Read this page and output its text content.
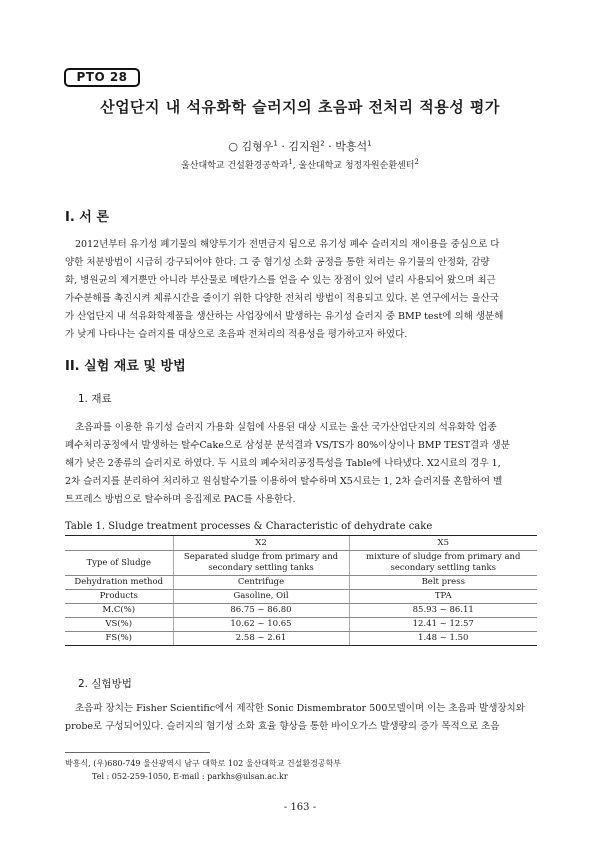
PTO 28
산업단지 내 석유화학 슬러지의 초음파 전처리 적용성 평가
○ 김형우$^1$ · 김지원$^2$ · 박흥석$^1$
울산대학교 건설환경공학과$^1$, 울산대학교 청정자원순환센터$^2$
I. 서 론
2012년부터 유기성 폐기물의 해양투기가 전면금지 됨으로 유기성 폐수 슬러지의 재이용을 중심으로 다
양한 처분방법이 시급히 강구되어야 한다. 그 중 혐기성 소화 공정을 통한 처리는 유기물의 안정화, 감량
화, 병원균의 제거뿐만 아니라 부산물로 메탄가스를 얻을 수 있는 장점이 있어 널리 사용되어 왔으며 최근
가수분해를 촉진시켜 체류시간을 줄이기 위한 다양한 전처리 방법이 적용되고 있다. 본 연구에서는 울산국
가 산업단지 내 석유화학제품을 생산하는 사업장에서 발생하는 유기성 슬러지 중 BMP test에 의해 생분해
가 낮게 나타나는 슬러지를 대상으로 초음파 전처리의 적용성을 평가하고자 하였다.
II. 실험 재료 및 방법
1. 재료
초음파를 이용한 유기성 슬러지 가용화 실험에 사용된 대상 시료는 울산 국가산업단지의 석유화학 업종
폐수처리공정에서 발생하는 탈수Cake으로 삼성분 분석결과 VS/TS가 80%이상이나 BMP TEST결과 생분
해가 낮은 2종류의 슬러지로 하였다. 두 시료의 폐수처리공정특성을 Table에 나타냈다. X2시료의 경우 1,
2차 슬러지를 분리하여 처리하고 원심탈수기를 이용하여 탈수하며 X5시료는 1, 2차 슬러지를 혼합하여 벨
트프레스 방법으로 탈수하며 응집제로 PAC를 사용한다.
Table 1. Sludge treatment processes & Characteristic of dehydrate cake
	X2	X5
Type of Sludge	Separated sludge from primary and secondary settling tanks	mixture of sludge from primary and secondary settling tanks
Dehydration method	Centrifuge	Belt press
Products	Gasoline, Oil	TPA
M.C(%)	86.75 ~ 86.80	85.93 ~ 86.11
VS(%)	10.62 ~ 10.65	12.41 ~ 12.57
FS(%)	2.58 ~ 2.61	1.48 ~ 1.50
2. 실험방법
초음파 장치는 Fisher Scientific에서 제작한 Sonic Dismembrator 500모델이며 이는 초음파 발생장치와
probe로 구성되어있다. 슬러지의 혐기성 소화 효율 향상을 통한 바이오가스 발생량의 증가 목적으로 초음
박흥식, (우)680-749 울산광역시 남구 대학로 102 울산대학교 건설환경공학부
Tel : 052-259-1050, E-mail : parkhs@ulsan.ac.kr
- 163 -
